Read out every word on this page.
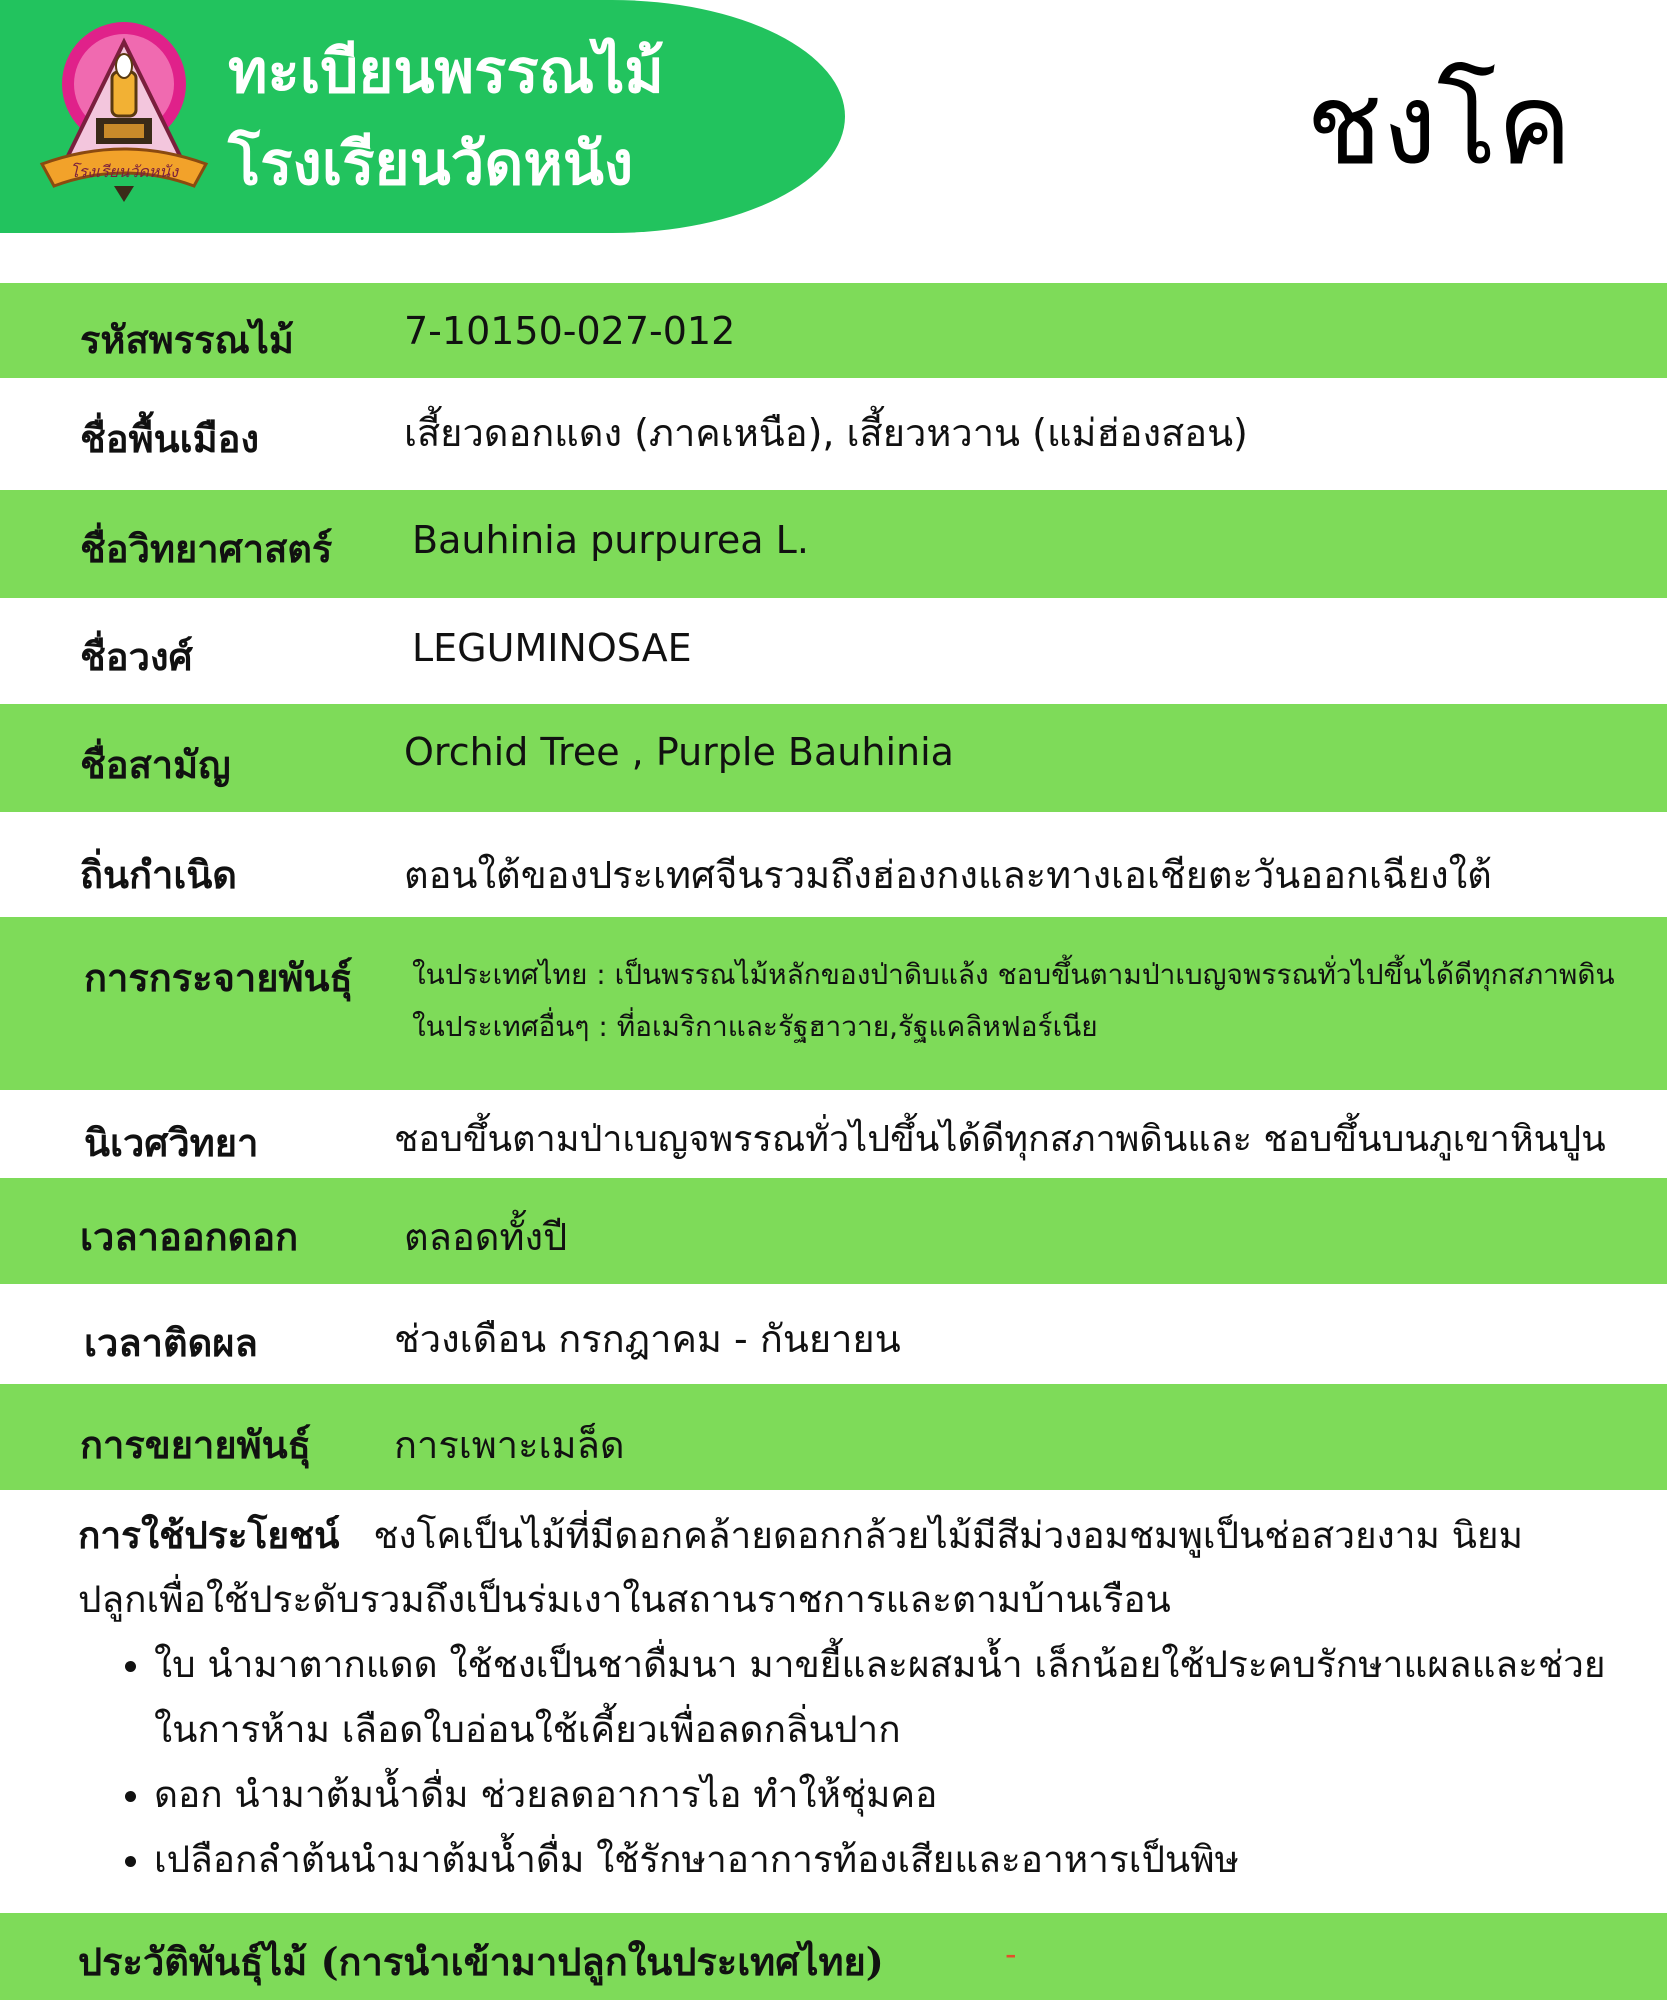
โรงเรียนวัดหนัง
ทะเบียนพรรณไม้
โรงเรียนวัดหนัง	ชงโค
รหัสพรรณไม้	7-10150-027-012
ชื่อพื้นเมือง	เสี้ยวดอกแดง (ภาคเหนือ), เสี้ยวหวาน (แม่ฮ่องสอน)
ชื่อวิทยาศาสตร์ Bauhinia purpurea L.
ชื่อวงศ์	LEGUMINOSAE
ชื่อสามัญ	Orchid Tree , Purple Bauhinia
ถิ่นกำเนิด	ตอนใต้ของประเทศจีนรวมถึงฮ่องกงและทางเอเชียตะวันออกเฉียงใต้
การกระจายพันธุ์ ในประเทศไทย : เป็นพรรณไม้หลักของป่าดิบแล้ง ชอบขึ้นตามป่าเบญจพรรณทั่วไปขึ้นได้ดีทุกสภาพดิน
ในประเทศอื่นๆ : ที่อเมริกาและรัฐฮาวาย,รัฐแคลิหฟอร์เนีย
นิเวศวิทยา	ชอบขึ้นตามป่าเบญจพรรณทั่วไปขึ้นได้ดีทุกสภาพดินและ ชอบขึ้นบนภูเขาหินปูน
เวลาออกดอก	ตลอดทั้งปี
เวลาติดผล	ช่วงเดือน กรกฎาคม - กันยายน
การขยายพันธุ์ การเพาะเมล็ด
การใช้ประโยชน์ ชงโคเป็นไม้ที่มีดอกคล้ายดอกกล้วยไม้มีสีม่วงอมชมพูเป็นช่อสวยงาม นิยม
ปลูกเพื่อใช้ประดับรวมถึงเป็นร่มเงาในสถานราชการและตามบ้านเรือน
• ใบ นำมาตากแดด ใช้ชงเป็นชาดื่มนา มาขยี้และผสมน้ำ เล็กน้อยใช้ประคบรักษาแผลและช่วยในการห้าม เลือดใบอ่อนใช้เคี้ยวเพื่อลดกลิ่นปาก
• ดอก นำมาต้มน้ำดื่ม ช่วยลดอาการไอ ทำให้ชุ่มคอ
• เปลือกลำต้นนำมาต้มน้ำดื่ม ใช้รักษาอาการท้องเสียและอาหารเป็นพิษ
ประวัติพันธุ์ไม้ (การนำเข้ามาปลูกในประเทศไทย)	-
